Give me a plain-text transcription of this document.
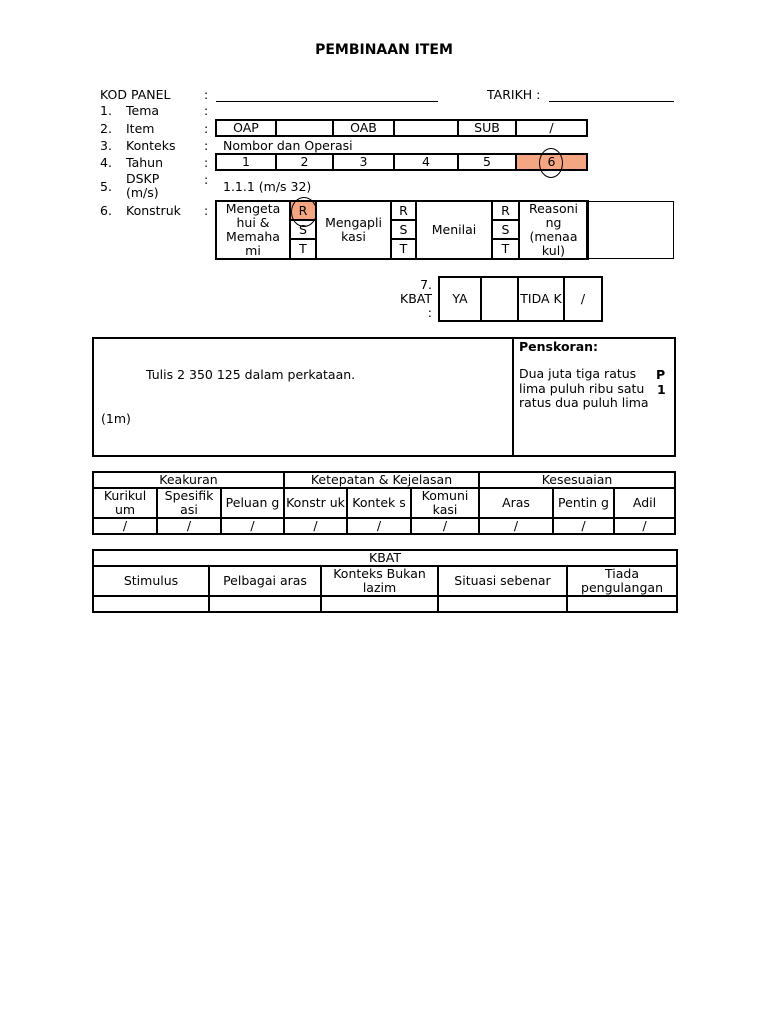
PEMBINAAN ITEM
KOD PANEL	:	TARIKH :
1. Tema	:
2. Item	: OAP		OAB		SUB	/
3. Konteks : Nombor dan Operasi
4. Tahun	:	1	2	3	4	5	6
5.
DSKP
(m/s)
: 1.1.1 (m/s 32)
6. Konstruk : Mengeta hui & Memaha mi	R	Mengapli kasi	R	Menilai	R	Reasoni ng (menaa kul)
	S		S		S	
	T		T		T	
7.
KBAT
:
YA		TIDA K	/
Tulis 2 350 125 dalam perkataan.
(1m)
Penskoran:
Dua juta tiga ratus lima puluh ribu satu ratus dua puluh lima
P
1
Keakuran			Ketepatan & Kejelasan			Kesesuaian		
Kurikul um	Spesifik asi	Peluan g	Konstr uk	Kontek s	Komuni kasi	Aras	Pentin g	Adil
/	/	/	/	/	/	/	/	/
KBAT				
Stimulus	Pelbagai aras	Konteks Bukan lazim	Situasi sebenar	Tiada pengulangan
